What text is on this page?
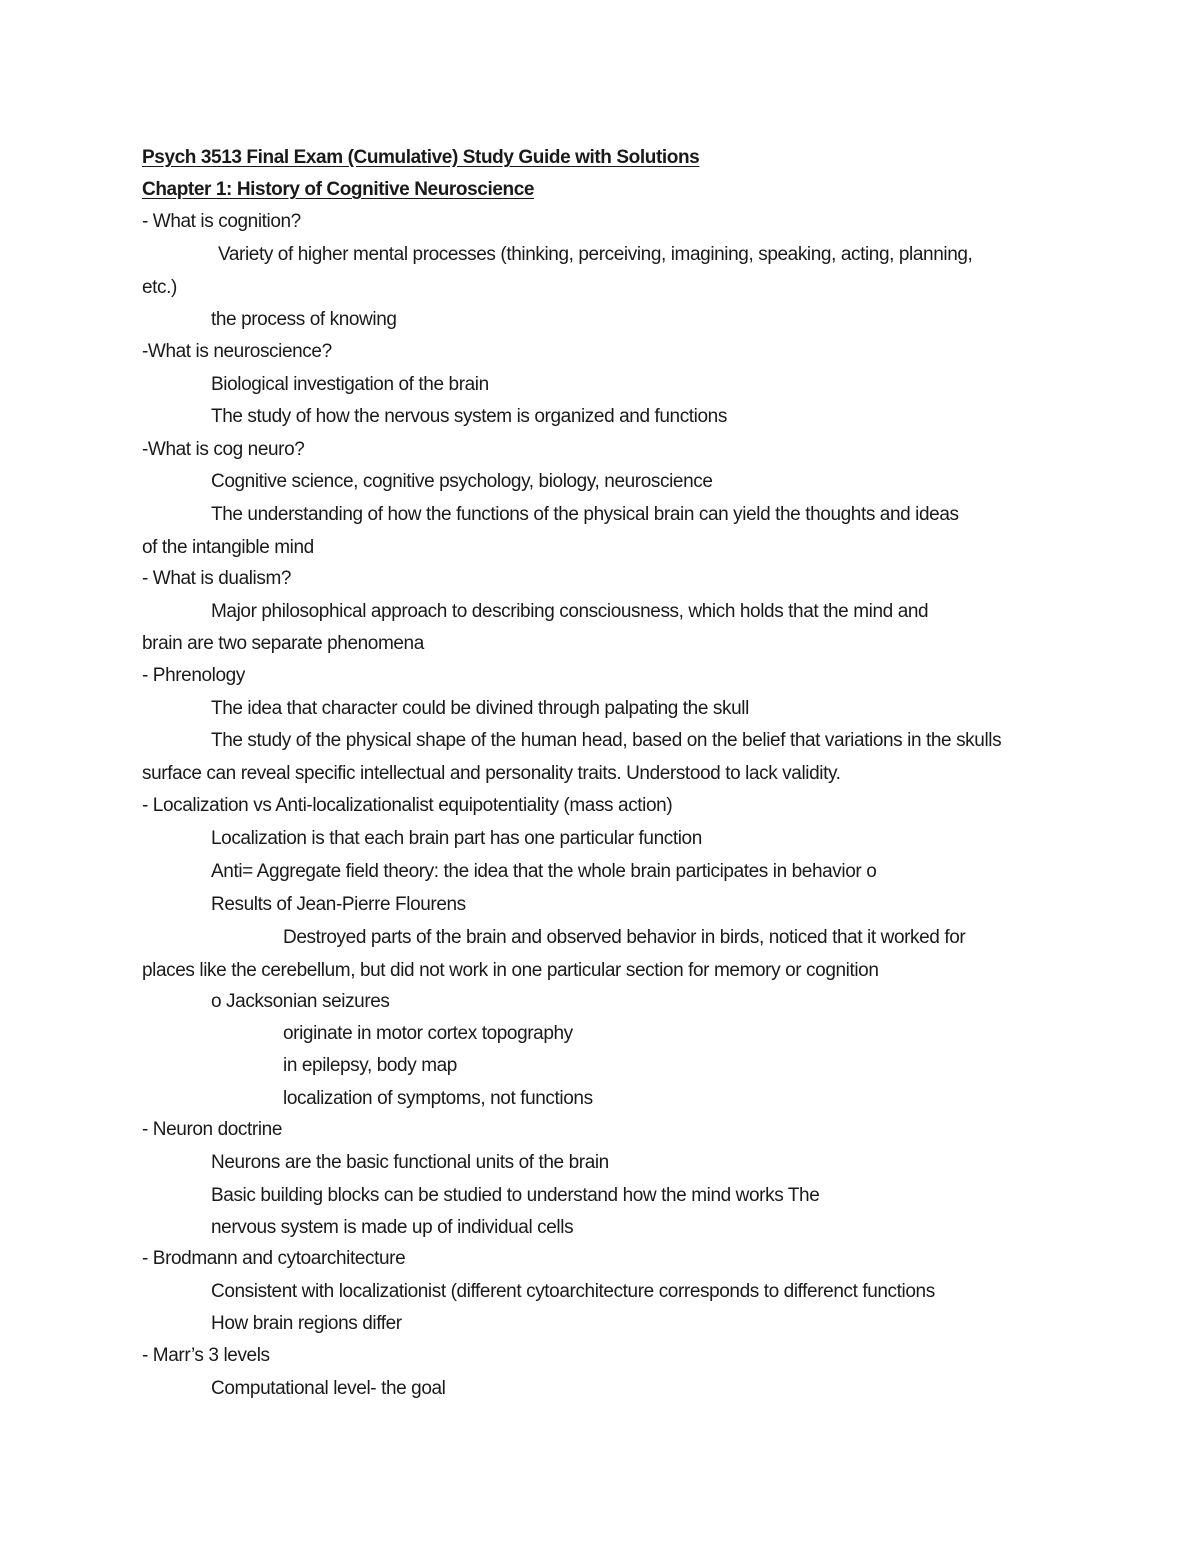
Psych 3513 Final Exam (Cumulative) Study Guide with Solutions
Chapter 1: History of Cognitive Neuroscience
- What is cognition?
Variety of higher mental processes (thinking, perceiving, imagining, speaking, acting, planning,
etc.)
the process of knowing
-What is neuroscience?
Biological investigation of the brain
The study of how the nervous system is organized and functions
-What is cog neuro?
Cognitive science, cognitive psychology, biology, neuroscience
The understanding of how the functions of the physical brain can yield the thoughts and ideas
of the intangible mind
- What is dualism?
Major philosophical approach to describing consciousness, which holds that the mind and
brain are two separate phenomena
- Phrenology
The idea that character could be divined through palpating the skull
The study of the physical shape of the human head, based on the belief that variations in the skulls
surface can reveal specific intellectual and personality traits. Understood to lack validity.
- Localization vs Anti-localizationalist equipotentiality (mass action)
Localization is that each brain part has one particular function
Anti= Aggregate field theory: the idea that the whole brain participates in behavior o
Results of Jean-Pierre Flourens
Destroyed parts of the brain and observed behavior in birds, noticed that it worked for
places like the cerebellum, but did not work in one particular section for memory or cognition
o Jacksonian seizures
originate in motor cortex topography
in epilepsy, body map
localization of symptoms, not functions
- Neuron doctrine
Neurons are the basic functional units of the brain
Basic building blocks can be studied to understand how the mind works The
nervous system is made up of individual cells
- Brodmann and cytoarchitecture
Consistent with localizationist (different cytoarchitecture corresponds to differenct functions
How brain regions differ
- Marr’s 3 levels
Computational level- the goal
